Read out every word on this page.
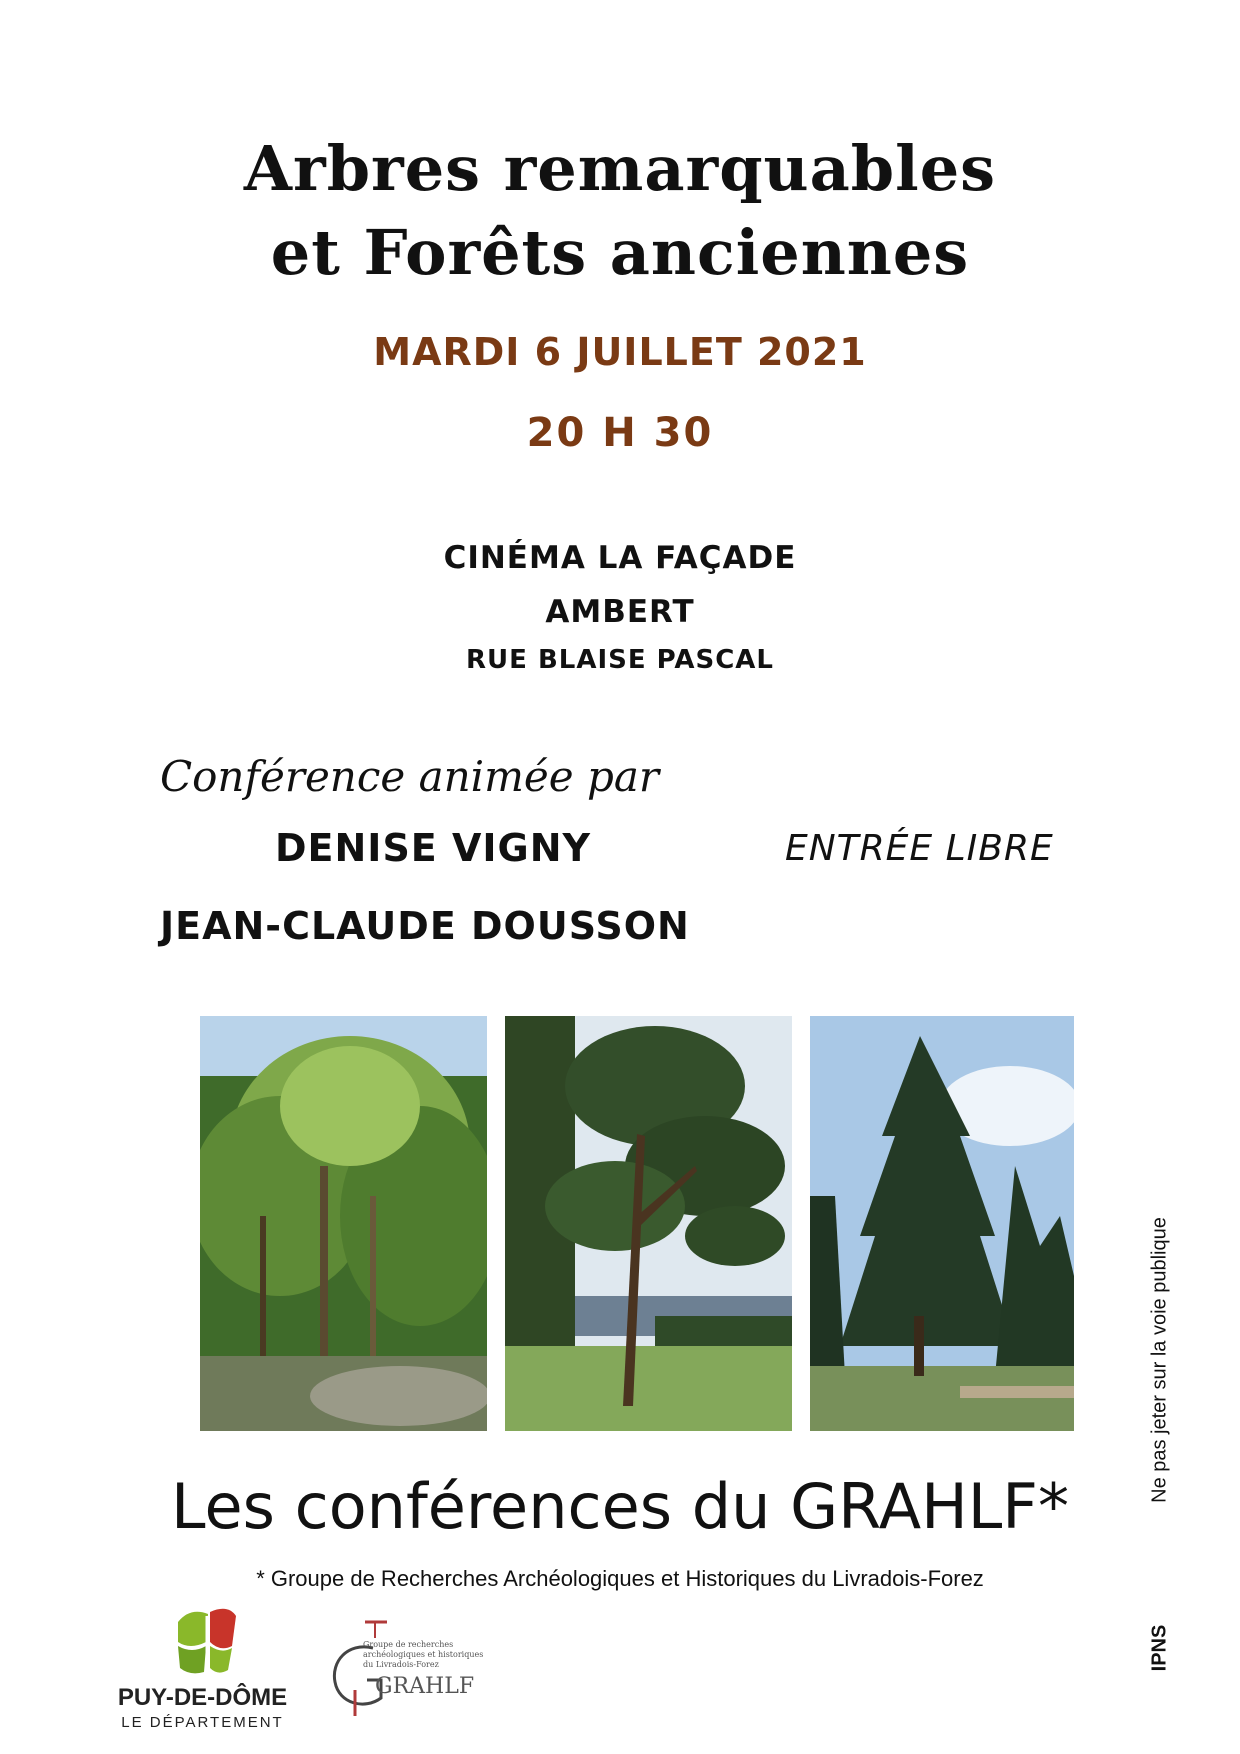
Arbres remarquables
et Forêts anciennes
MARDI 6 JUILLET 2021
20 H 30
CINÉMA LA FAÇADE
AMBERT
RUE BLAISE PASCAL
Conférence animée par
DENISE VIGNY
JEAN-CLAUDE DOUSSON
ENTRÉE LIBRE
Ne pas jeter sur la voie publique
Les conférences du GRAHLF*
* Groupe de Recherches Archéologiques et Historiques du Livradois-Forez
IPNS
PUY-DE-DÔME
LE DÉPARTEMENT
Groupe de recherches archéologiques et historiques du Livradois-Forez
GRAHLF
